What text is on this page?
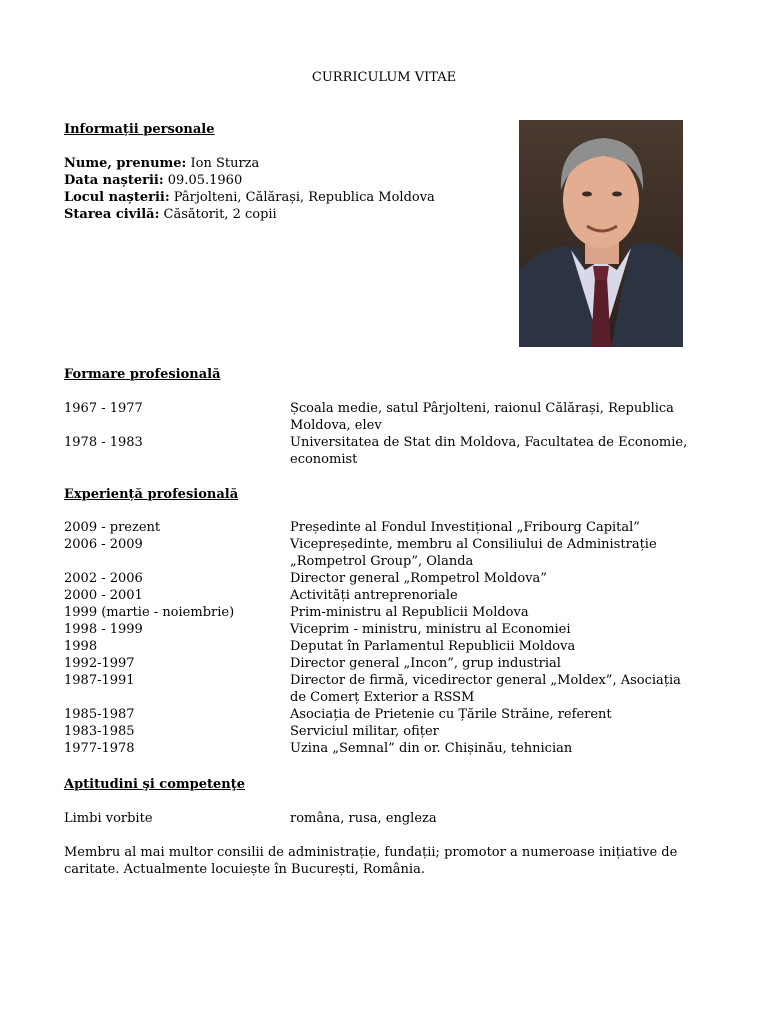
CURRICULUM VITAE
Informații personale
Nume, prenume: Ion Sturza
Data nașterii: 09.05.1960
Locul nașterii: Pârjolteni, Călărași, Republica Moldova
Starea civilă: Căsătorit, 2 copii
Formare profesională
1967 - 1977	Școala medie, satul Pârjolteni, raionul Călărași, Republica Moldova, elev
1978 - 1983	Universitatea de Stat din Moldova, Facultatea de Economie, economist
Experiență profesională
2009 - prezent	Președinte al Fondul Investițional „Fribourg Capital”
2006 - 2009	Vicepreședinte, membru al Consiliului de Administrație „Rompetrol Group”, Olanda
2002 - 2006	Director general „Rompetrol Moldova”
2000 - 2001	Activități antreprenoriale
1999 (martie - noiembrie)	Prim-ministru al Republicii Moldova
1998 - 1999	Viceprim - ministru, ministru al Economiei
1998	Deputat în Parlamentul Republicii Moldova
1992-1997	Director general „Incon”, grup industrial
1987-1991	Director de firmă, vicedirector general „Moldex”, Asociația de Comerț Exterior a RSSM
1985-1987	Asociația de Prietenie cu Țările Străine, referent
1983-1985	Serviciul militar, ofițer
1977-1978	Uzina „Semnal” din or. Chișinău, tehnician
Aptitudini şi competenţe
Limbi vorbite	româna, rusa, engleza
Membru al mai multor consilii de administrație, fundații; promotor a numeroase inițiative de caritate. Actualmente locuiește în București, România.
